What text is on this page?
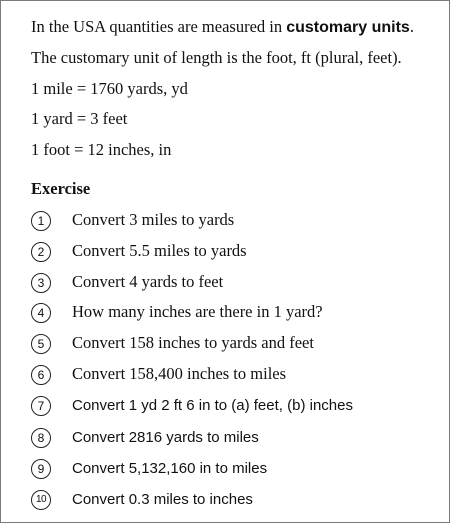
In the USA quantities are measured in customary units.
The customary unit of length is the foot, ft (plural, feet).
1 mile = 1760 yards, yd
1 yard = 3 feet
1 foot = 12 inches, in
Exercise
1	Convert 3 miles to yards
2	Convert 5.5 miles to yards
3	Convert 4 yards to feet
4	How many inches are there in 1 yard?
5	Convert 158 inches to yards and feet
6	Convert 158,400 inches to miles
7	Convert 1 yd 2 ft 6 in to (a) feet, (b) inches
8	Convert 2816 yards to miles
9	Convert 5,132,160 in to miles
10	Convert 0.3 miles to inches
